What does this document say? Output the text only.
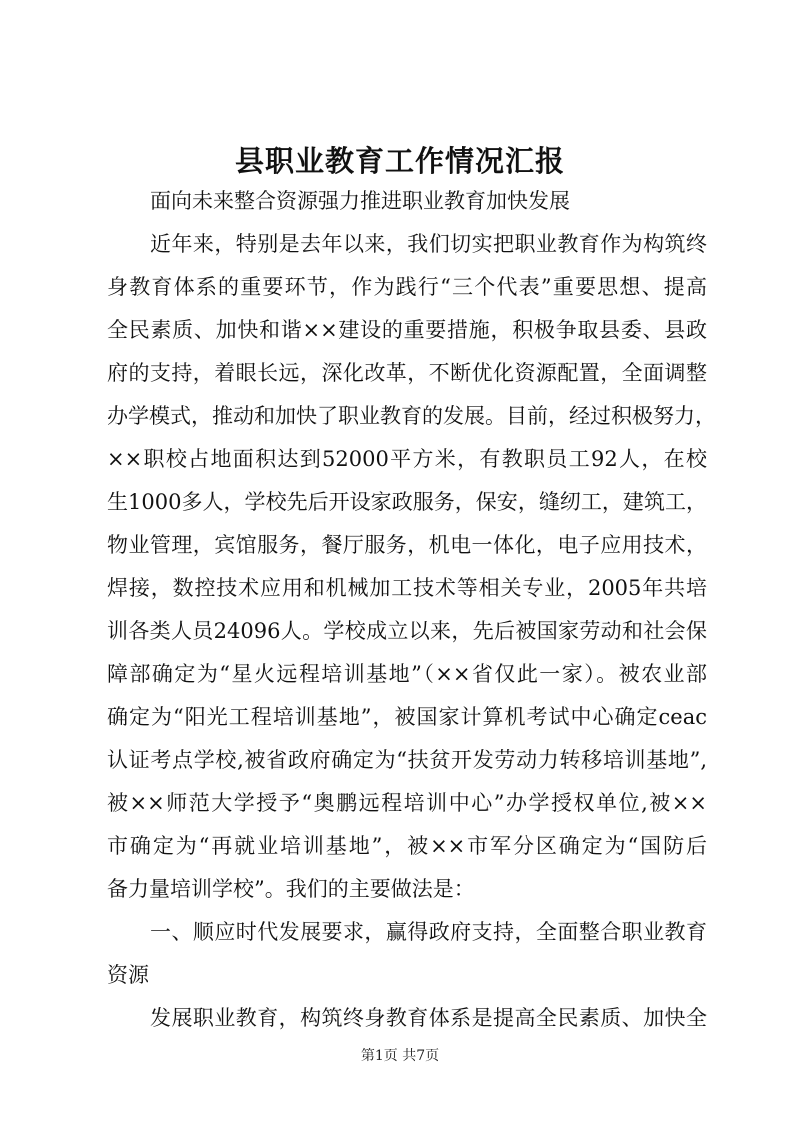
县职业教育工作情况汇报
面向未来整合资源强力推进职业教育加快发展
近年来，特别是去年以来，我们切实把职业教育作为构筑终
身教育体系的重要环节，作为践行“三个代表”重要思想、提高
全民素质、加快和谐××建设的重要措施，积极争取县委、县政
府的支持，着眼长远，深化改革，不断优化资源配置，全面调整
办学模式，推动和加快了职业教育的发展。目前，经过积极努力，
××职校占地面积达到52000平方米，有教职员工92人，在校
生1000多人，学校先后开设家政服务，保安，缝纫工，建筑工，
物业管理，宾馆服务，餐厅服务，机电一体化，电子应用技术，
焊接，数控技术应用和机械加工技术等相关专业，2005年共培
训各类人员24096人。学校成立以来，先后被国家劳动和社会保
障部确定为“星火远程培训基地”（××省仅此一家）。被农业部
确定为“阳光工程培训基地”，被国家计算机考试中心确定ceac
认证考点学校,被省政府确定为“扶贫开发劳动力转移培训基地”,
被××师范大学授予“奥鹏远程培训中心”办学授权单位,被××
市确定为“再就业培训基地”，被××市军分区确定为“国防后
备力量培训学校”。我们的主要做法是：
一、顺应时代发展要求，赢得政府支持，全面整合职业教育
资源
发展职业教育，构筑终身教育体系是提高全民素质、加快全
第1页 共7页
